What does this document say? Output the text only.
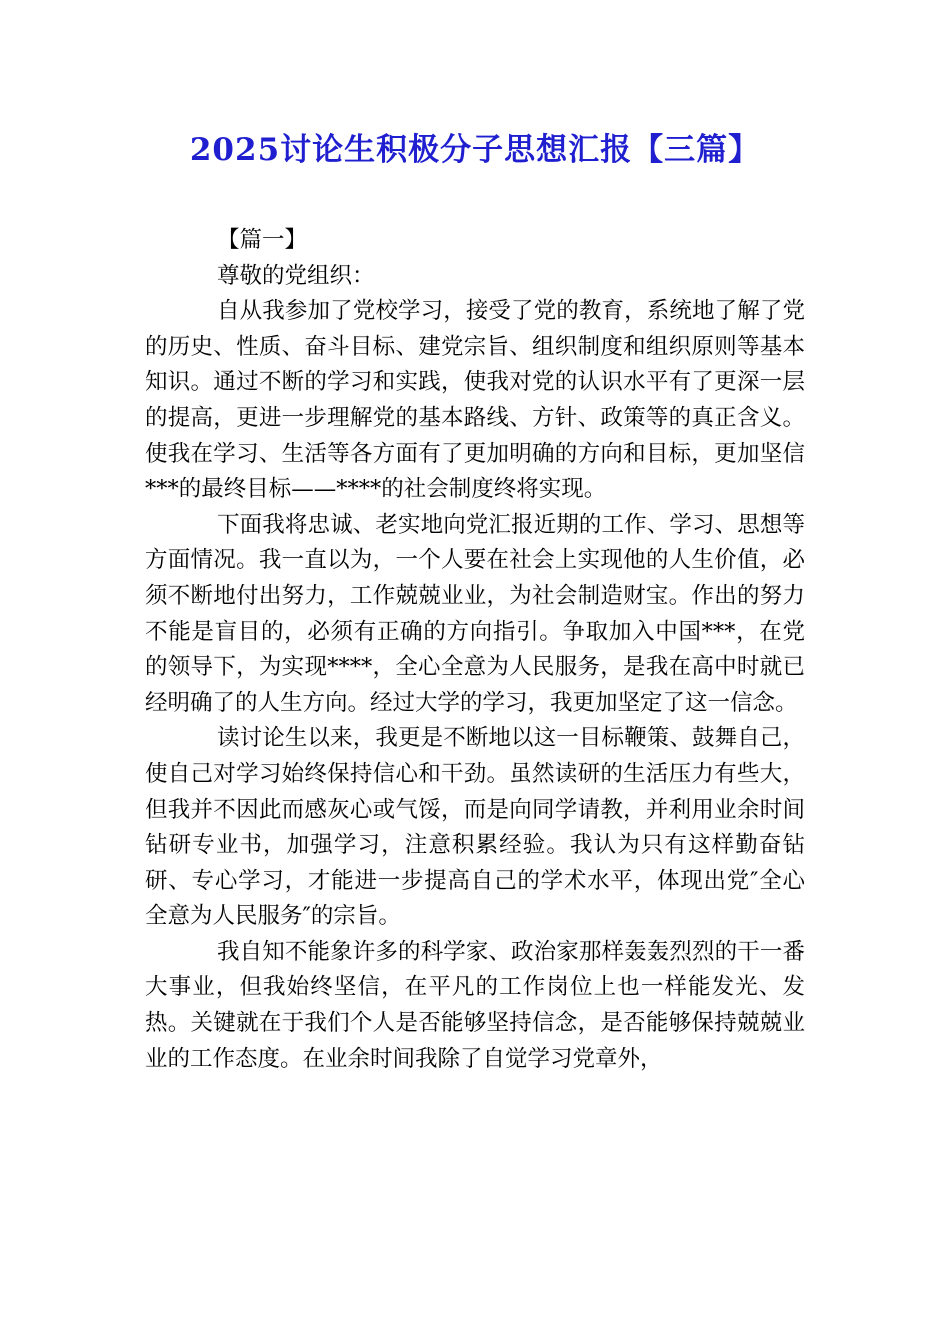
2025讨论生积极分子思想汇报【三篇】

【篇一】

尊敬的党组织：

自从我参加了党校学习，接受了党的教育，系统地了解了党的历史、性质、奋斗目标、建党宗旨、组织制度和组织原则等基本知识。通过不断的学习和实践，使我对党的认识水平有了更深一层的提高，更进一步理解党的基本路线、方针、政策等的真正含义。使我在学习、生活等各方面有了更加明确的方向和目标，更加坚信***的最终目标——****的社会制度终将实现。

下面我将忠诚、老实地向党汇报近期的工作、学习、思想等方面情况。我一直以为，一个人要在社会上实现他的人生价值，必须不断地付出努力，工作兢兢业业，为社会制造财宝。作出的努力不能是盲目的，必须有正确的方向指引。争取加入中国***，在党的领导下，为实现****，全心全意为人民服务，是我在高中时就已经明确了的人生方向。经过大学的学习，我更加坚定了这一信念。

读讨论生以来，我更是不断地以这一目标鞭策、鼓舞自己，使自己对学习始终保持信心和干劲。虽然读研的生活压力有些大，但我并不因此而感灰心或气馁，而是向同学请教，并利用业余时间钻研专业书，加强学习，注意积累经验。我认为只有这样勤奋钻研、专心学习，才能进一步提高自己的学术水平，体现出党″全心全意为人民服务″的宗旨。

我自知不能象许多的科学家、政治家那样轰轰烈烈的干一番大事业，但我始终坚信，在平凡的工作岗位上也一样能发光、发热。关键就在于我们个人是否能够坚持信念，是否能够保持兢兢业业的工作态度。在业余时间我除了自觉学习党章外，
